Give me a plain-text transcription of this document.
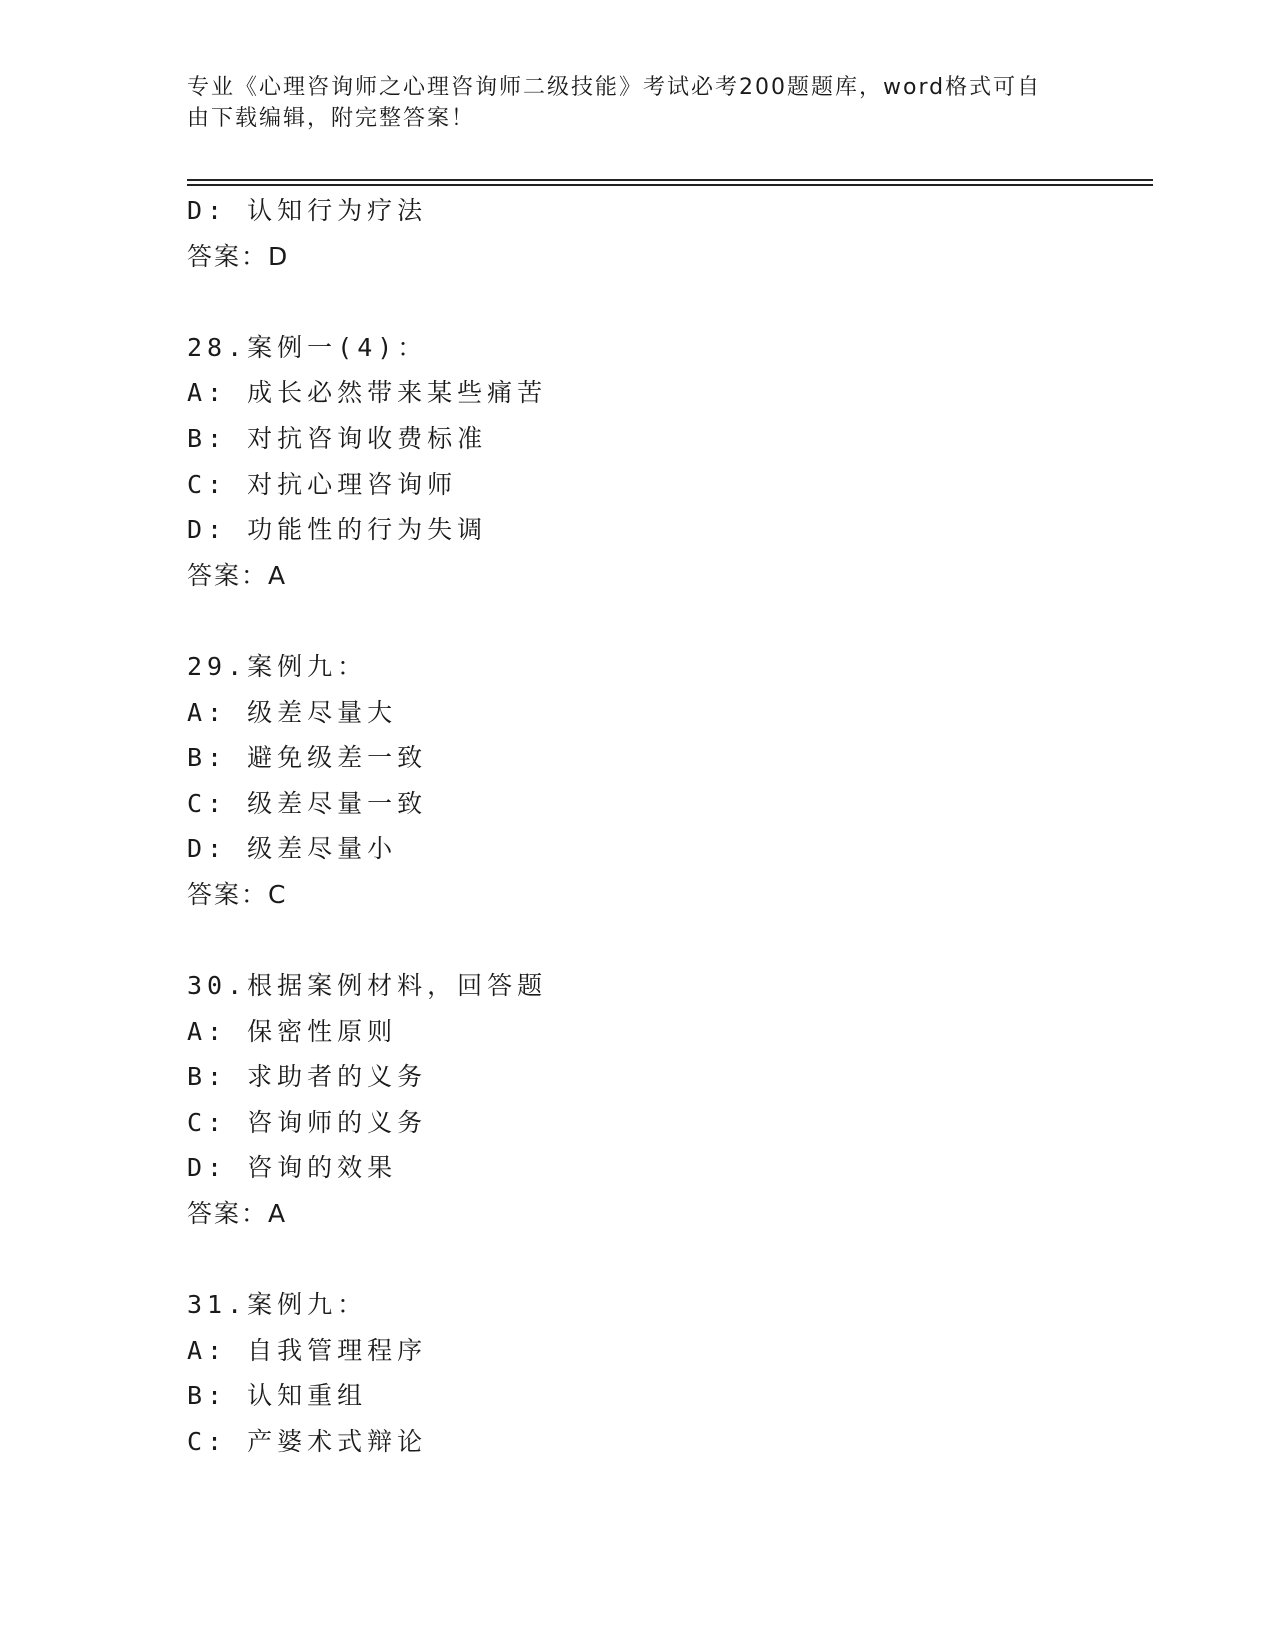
专业《心理咨询师之心理咨询师二级技能》考试必考200题题库，word格式可自
由下载编辑，附完整答案！
D: 认知行为疗法
答案：D
28.案例一(4)：
A: 成长必然带来某些痛苦
B: 对抗咨询收费标准
C: 对抗心理咨询师
D: 功能性的行为失调
答案：A
29.案例九：
A: 级差尽量大
B: 避免级差一致
C: 级差尽量一致
D: 级差尽量小
答案：C
30.根据案例材料，回答题
A: 保密性原则
B: 求助者的义务
C: 咨询师的义务
D: 咨询的效果
答案：A
31.案例九：
A: 自我管理程序
B: 认知重组
C: 产婆术式辩论
